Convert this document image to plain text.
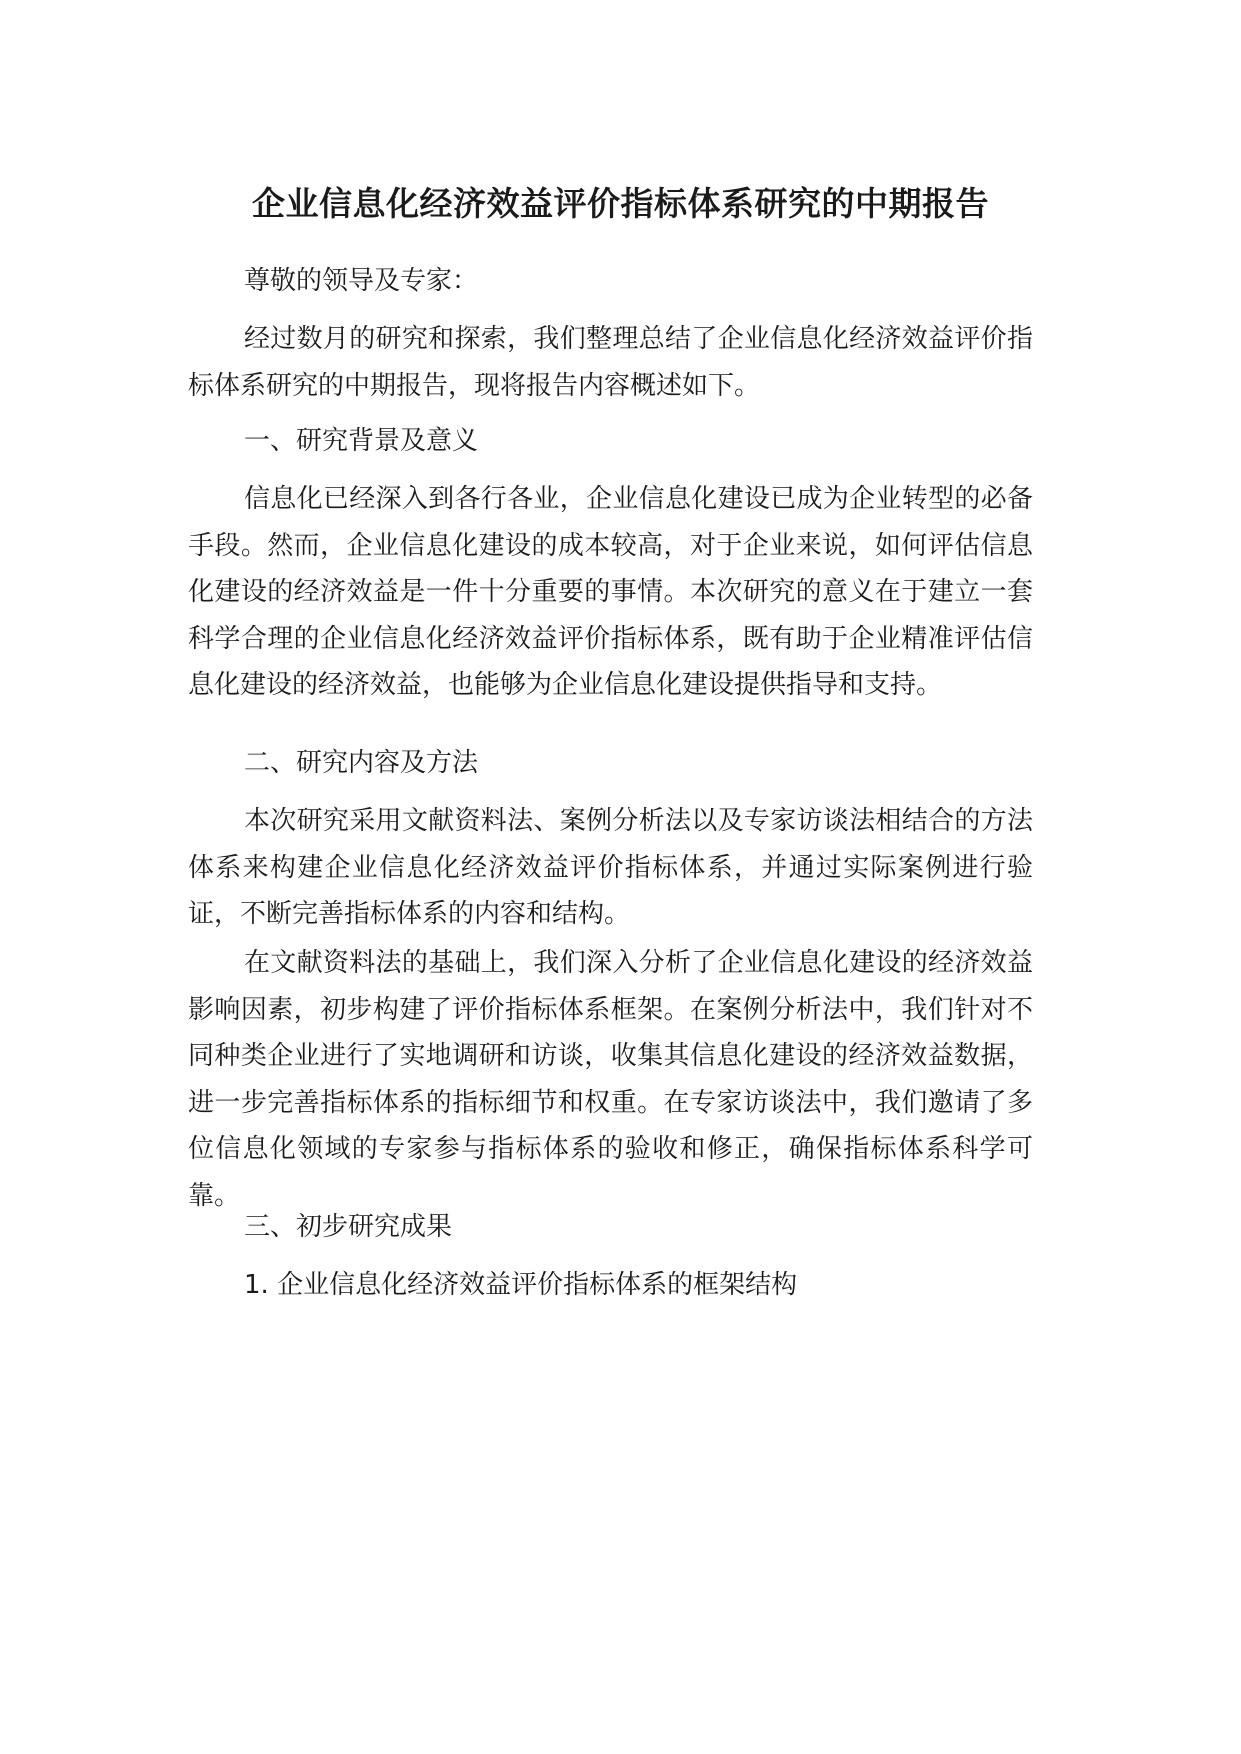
企业信息化经济效益评价指标体系研究的中期报告

尊敬的领导及专家：

经过数月的研究和探索，我们整理总结了企业信息化经济效益评价指标体系研究的中期报告，现将报告内容概述如下。

一、研究背景及意义

信息化已经深入到各行各业，企业信息化建设已成为企业转型的必备手段。然而，企业信息化建设的成本较高，对于企业来说，如何评估信息化建设的经济效益是一件十分重要的事情。本次研究的意义在于建立一套科学合理的企业信息化经济效益评价指标体系，既有助于企业精准评估信息化建设的经济效益，也能够为企业信息化建设提供指导和支持。

二、研究内容及方法

本次研究采用文献资料法、案例分析法以及专家访谈法相结合的方法体系来构建企业信息化经济效益评价指标体系，并通过实际案例进行验证，不断完善指标体系的内容和结构。

在文献资料法的基础上，我们深入分析了企业信息化建设的经济效益影响因素，初步构建了评价指标体系框架。在案例分析法中，我们针对不同种类企业进行了实地调研和访谈，收集其信息化建设的经济效益数据，进一步完善指标体系的指标细节和权重。在专家访谈法中，我们邀请了多位信息化领域的专家参与指标体系的验收和修正，确保指标体系科学可靠。

三、初步研究成果

1. 企业信息化经济效益评价指标体系的框架结构
